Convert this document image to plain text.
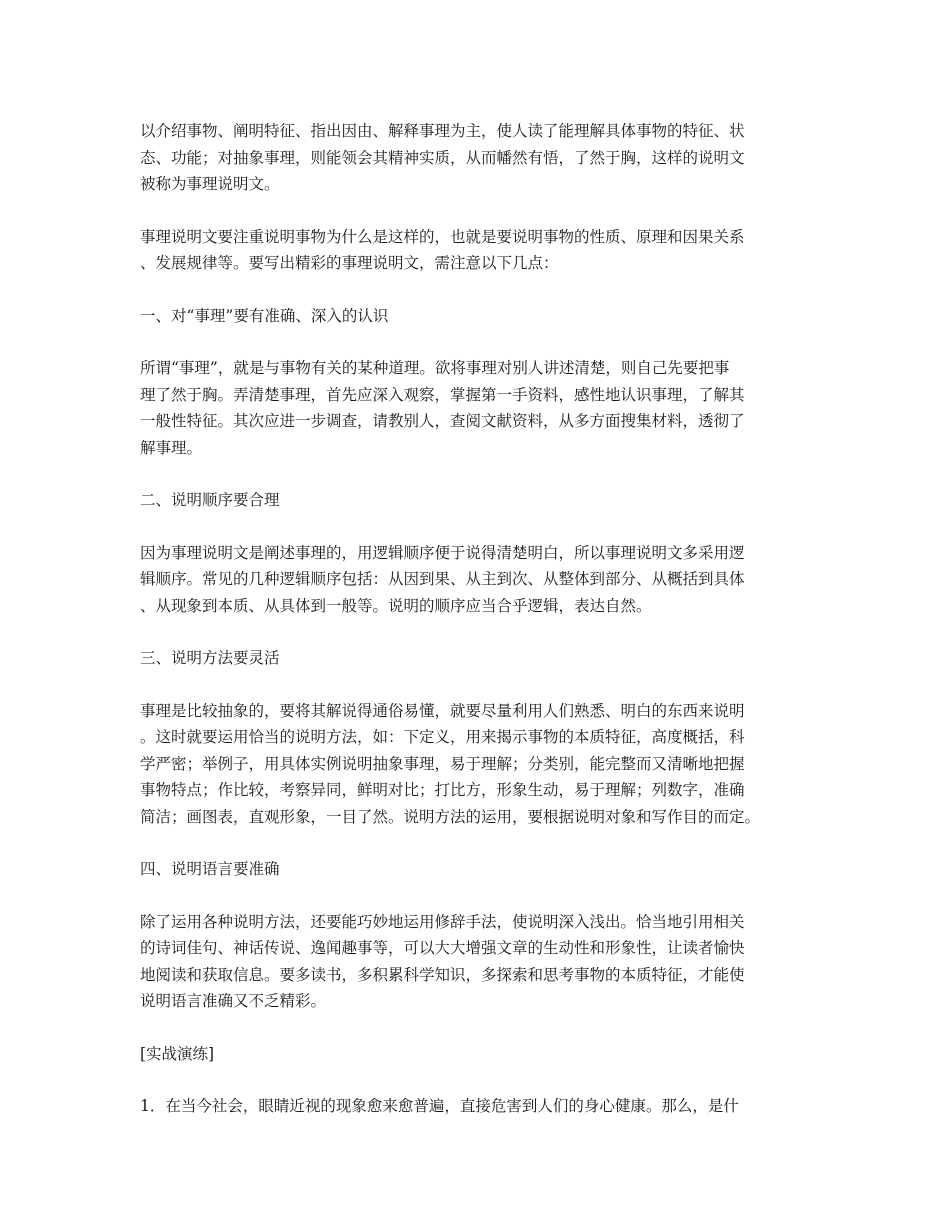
以介绍事物、阐明特征、指出因由、解释事理为主，使人读了能理解具体事物的特征、状
态、功能；对抽象事理，则能领会其精神实质，从而幡然有悟，了然于胸，这样的说明文
被称为事理说明文。

事理说明文要注重说明事物为什么是这样的，也就是要说明事物的性质、原理和因果关系
、发展规律等。要写出精彩的事理说明文，需注意以下几点：

一、对“事理”要有准确、深入的认识

所谓“事理”，就是与事物有关的某种道理。欲将事理对别人讲述清楚，则自己先要把事
理了然于胸。弄清楚事理，首先应深入观察，掌握第一手资料，感性地认识事理，了解其
一般性特征。其次应进一步调查，请教别人，查阅文献资料，从多方面搜集材料，透彻了
解事理。

二、说明顺序要合理

因为事理说明文是阐述事理的，用逻辑顺序便于说得清楚明白，所以事理说明文多采用逻
辑顺序。常见的几种逻辑顺序包括：从因到果、从主到次、从整体到部分、从概括到具体
、从现象到本质、从具体到一般等。说明的顺序应当合乎逻辑，表达自然。

三、说明方法要灵活

事理是比较抽象的，要将其解说得通俗易懂，就要尽量利用人们熟悉、明白的东西来说明
。这时就要运用恰当的说明方法，如：下定义，用来揭示事物的本质特征，高度概括，科
学严密；举例子，用具体实例说明抽象事理，易于理解；分类别，能完整而又清晰地把握
事物特点；作比较，考察异同，鲜明对比；打比方，形象生动，易于理解；列数字，准确
简洁；画图表，直观形象，一目了然。说明方法的运用，要根据说明对象和写作目的而定。

四、说明语言要准确

除了运用各种说明方法，还要能巧妙地运用修辞手法，使说明深入浅出。恰当地引用相关
的诗词佳句、神话传说、逸闻趣事等，可以大大增强文章的生动性和形象性，让读者愉快
地阅读和获取信息。要多读书，多积累科学知识，多探索和思考事物的本质特征，才能使
说明语言准确又不乏精彩。

[实战演练]

1．在当今社会，眼睛近视的现象愈来愈普遍，直接危害到人们的身心健康。那么，是什
